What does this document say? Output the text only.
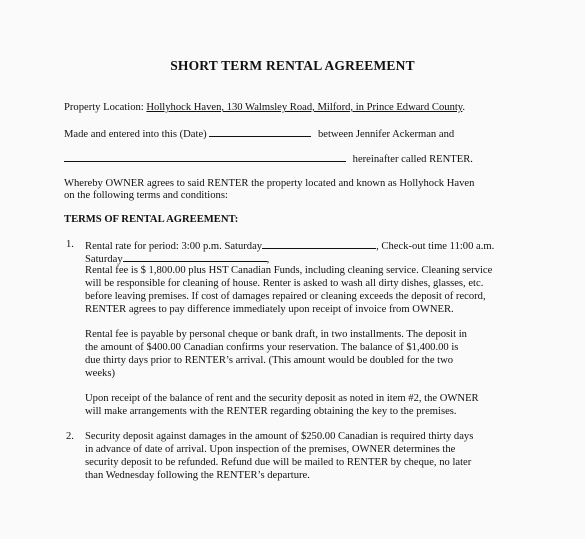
SHORT TERM RENTAL AGREEMENT
Property Location: Hollyhock Haven, 130 Walmsley Road, Milford, in Prince Edward County.
Made and entered into this (Date)	between Jennifer Ackerman and
hereinafter called RENTER.
Whereby OWNER agrees to said RENTER the property located and known as Hollyhock Haven
on the following terms and conditions:
TERMS OF RENTAL AGREEMENT:
1. Rental rate for period: 3:00 p.m. Saturday	, Check-out time 11:00 a.m.
Saturday	,
Rental fee is $ 1,800.00 plus HST Canadian Funds, including cleaning service. Cleaning service
will be responsible for cleaning of house. Renter is asked to wash all dirty dishes, glasses, etc.
before leaving premises. If cost of damages repaired or cleaning exceeds the deposit of record,
RENTER agrees to pay difference immediately upon receipt of invoice from OWNER.
Rental fee is payable by personal cheque or bank draft, in two installments. The deposit in
the amount of $400.00 Canadian confirms your reservation. The balance of $1,400.00 is
due thirty days prior to RENTER’s arrival. (This amount would be doubled for the two
weeks)
Upon receipt of the balance of rent and the security deposit as noted in item #2, the OWNER
will make arrangements with the RENTER regarding obtaining the key to the premises.
2. Security deposit against damages in the amount of $250.00 Canadian is required thirty days
in advance of date of arrival. Upon inspection of the premises, OWNER determines the
security deposit to be refunded. Refund due will be mailed to RENTER by cheque, no later
than Wednesday following the RENTER’s departure.
